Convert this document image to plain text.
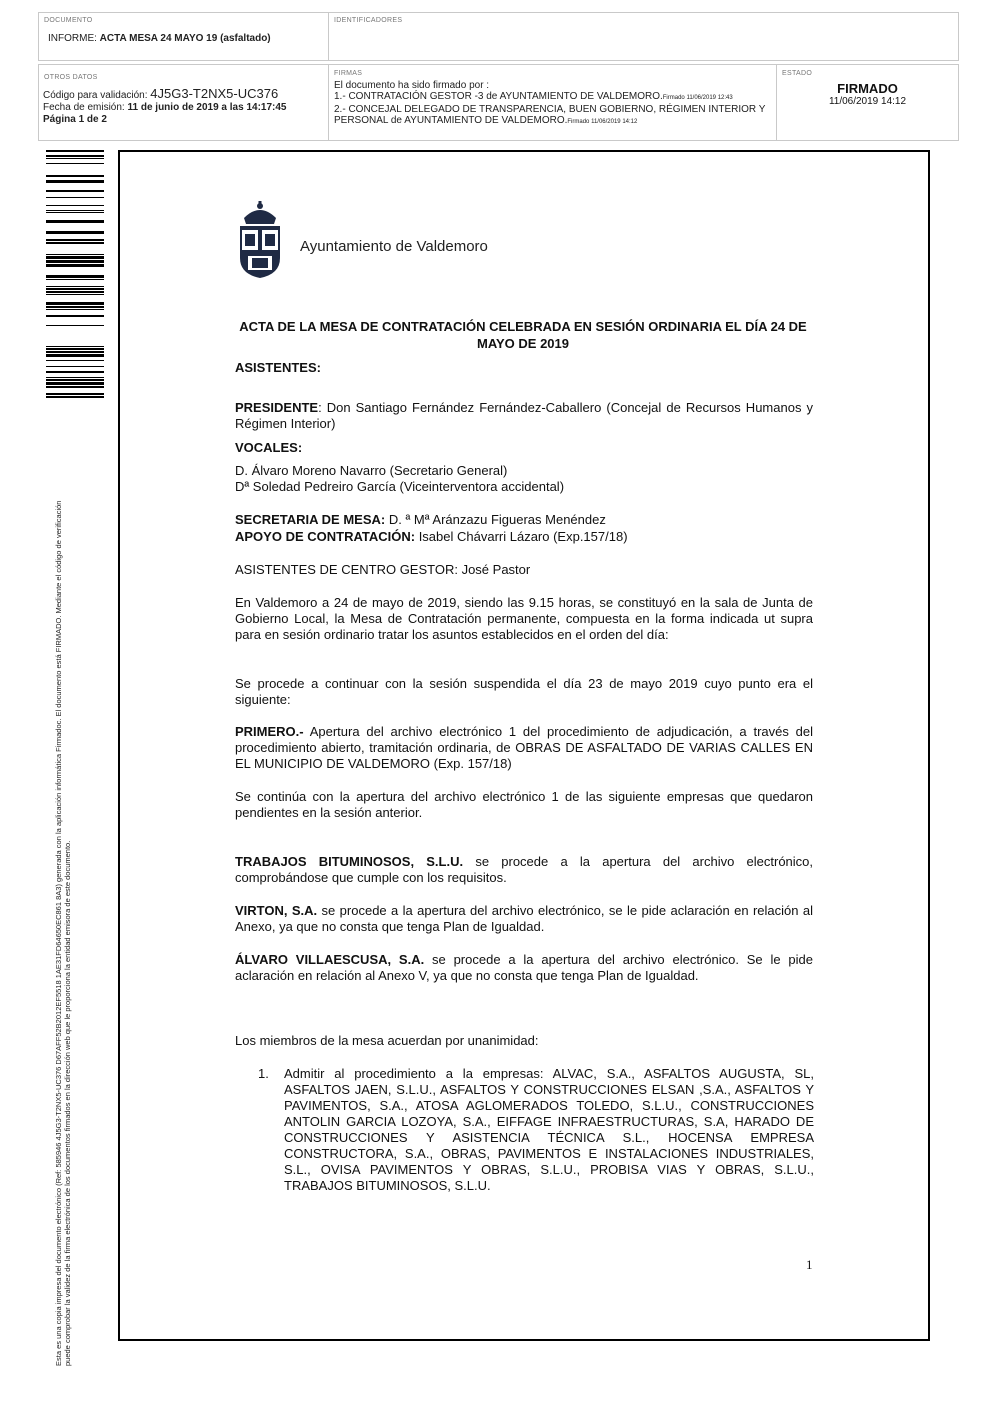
DOCUMENTO
INFORME: ACTA MESA 24 MAYO 19 (asfaltado)
IDENTIFICADORES
OTROS DATOS
Código para validación: 4J5G3-T2NX5-UC376
Fecha de emisión: 11 de junio de 2019 a las 14:17:45
Página 1 de 2
FIRMAS
El documento ha sido firmado por :
1.- CONTRATACIÓN GESTOR -3 de AYUNTAMIENTO DE VALDEMORO.Firmado 11/06/2019 12:43
2.- CONCEJAL DELEGADO DE TRANSPARENCIA, BUEN GOBIERNO, RÉGIMEN INTERIOR Y PERSONAL de AYUNTAMIENTO DE VALDEMORO.Firmado 11/06/2019 14:12
ESTADO
FIRMADO
11/06/2019 14:12
Esta es una copia impresa del documento electrónico (Ref: 585946 4J5G3-T2NX5-UC376 D67AFF52B2012EF5518 1AE31FD64650EC861 8A3) generada con la aplicación informática Firmadoc. El documento está FIRMADO. Mediante el código de verificación puede comprobar la validez de la firma electrónica de los documentos firmados en la dirección web que le proporciona la entidad emisora de este documento.
Ayuntamiento de Valdemoro
ACTA DE LA MESA DE CONTRATACIÓN CELEBRADA EN SESIÓN ORDINARIA EL DÍA 24 DE MAYO DE 2019
ASISTENTES:
PRESIDENTE: Don Santiago Fernández Fernández-Caballero (Concejal de Recursos Humanos y Régimen Interior)
VOCALES:
D. Álvaro Moreno Navarro (Secretario General)
Dª Soledad Pedreiro García (Viceinterventora accidental)
SECRETARIA DE MESA: D. ª Mª Aránzazu Figueras Menéndez
APOYO DE CONTRATACIÓN: Isabel Chávarri Lázaro (Exp.157/18)
ASISTENTES DE CENTRO GESTOR: José Pastor
En Valdemoro a 24 de mayo de 2019, siendo las 9.15 horas, se constituyó en la sala de Junta de Gobierno Local, la Mesa de Contratación permanente, compuesta en la forma indicada ut supra para en sesión ordinario tratar los asuntos establecidos en el orden del día:
Se procede a continuar con la sesión suspendida el día 23 de mayo 2019 cuyo punto era el siguiente:
PRIMERO.- Apertura del archivo electrónico 1 del procedimiento de adjudicación, a través del procedimiento abierto, tramitación ordinaria, de OBRAS DE ASFALTADO DE VARIAS CALLES EN EL MUNICIPIO DE VALDEMORO (Exp. 157/18)
Se continúa con la apertura del archivo electrónico 1 de las siguiente empresas que quedaron pendientes en la sesión anterior.
TRABAJOS BITUMINOSOS, S.L.U. se procede a la apertura del archivo electrónico, comprobándose que cumple con los requisitos.
VIRTON, S.A. se procede a la apertura del archivo electrónico, se le pide aclaración en relación al Anexo, ya que no consta que tenga Plan de Igualdad.
ÁLVARO VILLAESCUSA, S.A. se procede a la apertura del archivo electrónico. Se le pide aclaración en relación al Anexo V, ya que no consta que tenga Plan de Igualdad.
Los miembros de la mesa acuerdan por unanimidad:
1. Admitir al procedimiento a la empresas: ALVAC, S.A., ASFALTOS AUGUSTA, SL, ASFALTOS JAEN, S.L.U., ASFALTOS Y CONSTRUCCIONES ELSAN ,S.A., ASFALTOS Y PAVIMENTOS, S.A., ATOSA AGLOMERADOS TOLEDO, S.L.U., CONSTRUCCIONES ANTOLIN GARCIA LOZOYA, S.A., EIFFAGE INFRAESTRUCTURAS, S.A, HARADO DE CONSTRUCCIONES Y ASISTENCIA TÉCNICA S.L., HOCENSA EMPRESA CONSTRUCTORA, S.A., OBRAS, PAVIMENTOS E INSTALACIONES INDUSTRIALES, S.L., OVISA PAVIMENTOS Y OBRAS, S.L.U., PROBISA VIAS Y OBRAS, S.L.U., TRABAJOS BITUMINOSOS, S.L.U.
1
